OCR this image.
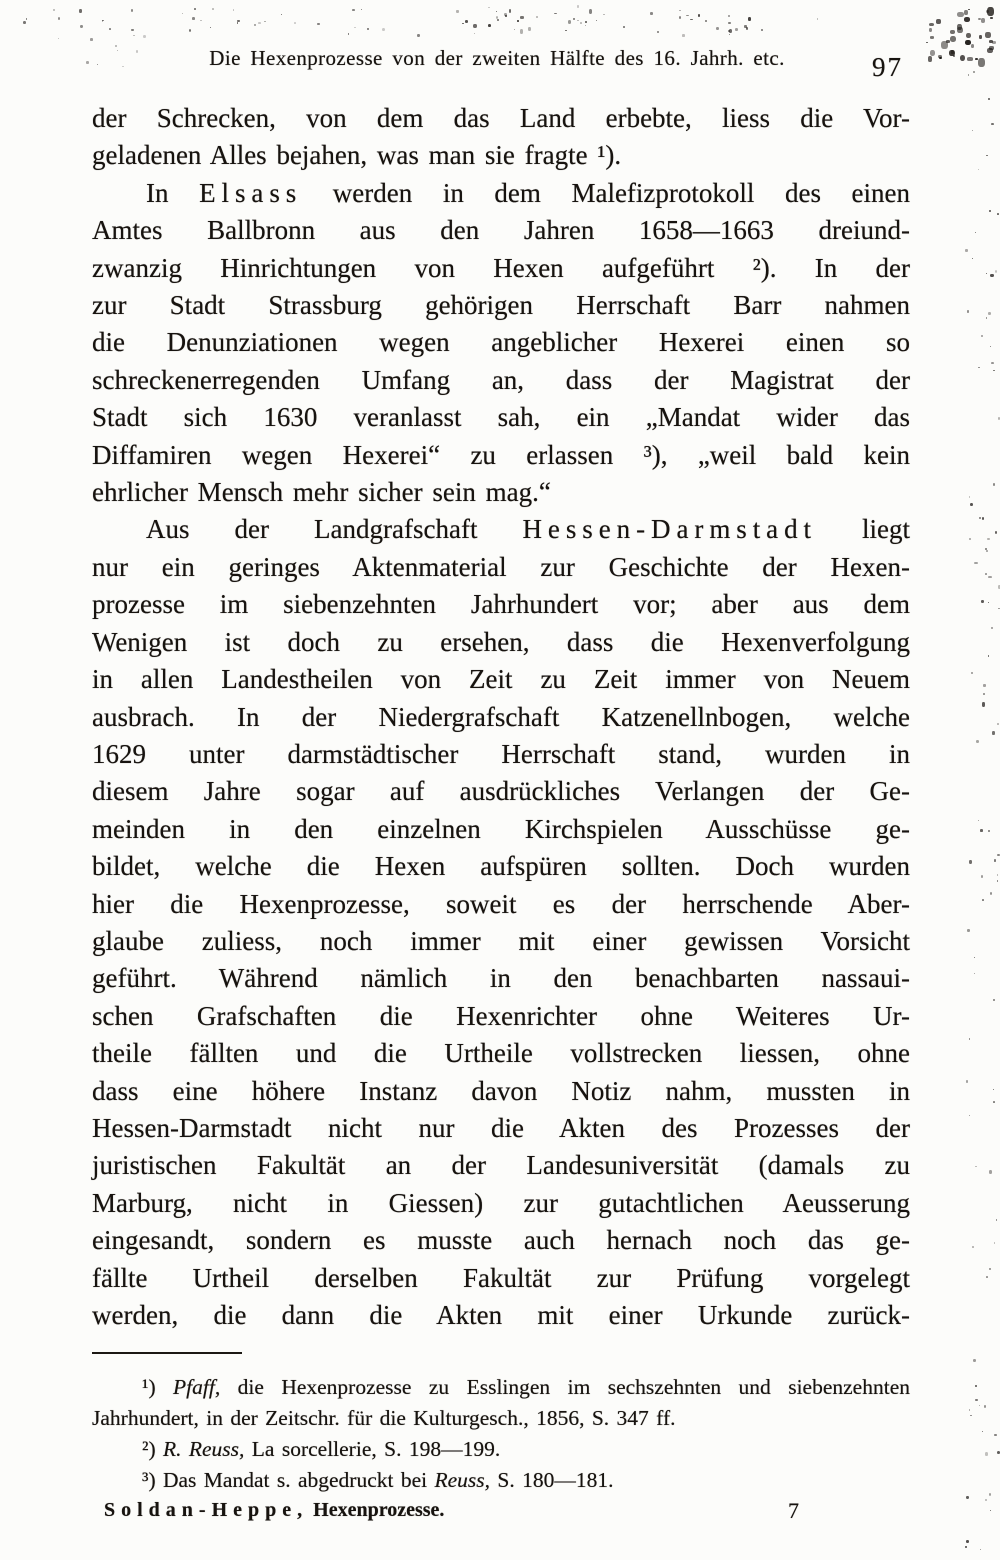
Die Hexenprozesse von der zweiten Hälfte des 16. Jahrh. etc.	97
der Schrecken, von dem das Land erbebte, liess die Vor-
geladenen Alles bejahen, was man sie fragte ¹).
In Elsass werden in dem Malefizprotokoll des einen
Amtes Ballbronn aus den Jahren 1658—1663 dreiund-
zwanzig Hinrichtungen von Hexen aufgeführt ²). In der
zur Stadt Strassburg gehörigen Herrschaft Barr nahmen
die Denunziationen wegen angeblicher Hexerei einen so
schreckenerregenden Umfang an, dass der Magistrat der
Stadt sich 1630 veranlasst sah, ein „Mandat wider das
Diffamiren wegen Hexerei“ zu erlassen ³), „weil bald kein
ehrlicher Mensch mehr sicher sein mag.“
Aus der Landgrafschaft Hessen-Darmstadt liegt
nur ein geringes Aktenmaterial zur Geschichte der Hexen-
prozesse im siebenzehnten Jahrhundert vor; aber aus dem
Wenigen ist doch zu ersehen, dass die Hexenverfolgung
in allen Landestheilen von Zeit zu Zeit immer von Neuem
ausbrach. In der Niedergrafschaft Katzenellnbogen, welche
1629 unter darmstädtischer Herrschaft stand, wurden in
diesem Jahre sogar auf ausdrückliches Verlangen der Ge-
meinden in den einzelnen Kirchspielen Ausschüsse ge-
bildet, welche die Hexen aufspüren sollten. Doch wurden
hier die Hexenprozesse, soweit es der herrschende Aber-
glaube zuliess, noch immer mit einer gewissen Vorsicht
geführt. Während nämlich in den benachbarten nassaui-
schen Grafschaften die Hexenrichter ohne Weiteres Ur-
theile fällten und die Urtheile vollstrecken liessen, ohne
dass eine höhere Instanz davon Notiz nahm, mussten in
Hessen-Darmstadt nicht nur die Akten des Prozesses der
juristischen Fakultät an der Landesuniversität (damals zu
Marburg, nicht in Giessen) zur gutachtlichen Aeusserung
eingesandt, sondern es musste auch hernach noch das ge-
fällte Urtheil derselben Fakultät zur Prüfung vorgelegt
werden, die dann die Akten mit einer Urkunde zurück-
¹) Pfaff, die Hexenprozesse zu Esslingen im sechszehnten und siebenzehnten
Jahrhundert, in der Zeitschr. für die Kulturgesch., 1856, S. 347 ff.
²) R. Reuss, La sorcellerie, S. 198—199.
³) Das Mandat s. abgedruckt bei Reuss, S. 180—181.
Soldan-Heppe, Hexenprozesse.	7
